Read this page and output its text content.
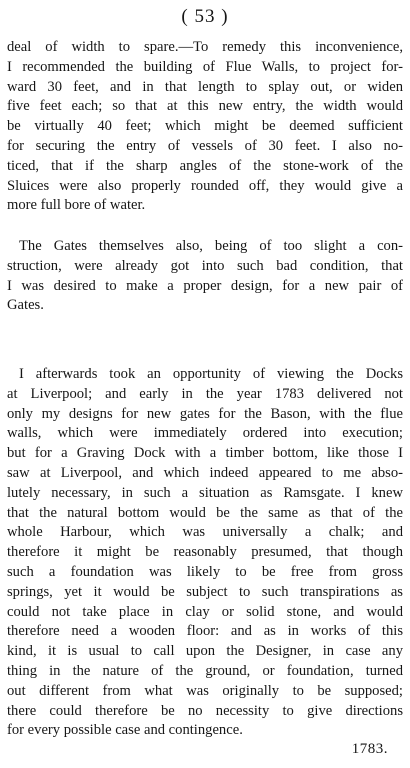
( 53 )
deal of width to spare.—To remedy this inconvenience,
I recommended the building of Flue Walls, to project for-
ward 30 feet, and in that length to splay out, or widen
five feet each; so that at this new entry, the width would
be virtually 40 feet; which might be deemed sufficient
for securing the entry of vessels of 30 feet. I also no-
ticed, that if the sharp angles of the stone-work of the
Sluices were also properly rounded off, they would give a
more full bore of water.
The Gates themselves also, being of too slight a con-
struction, were already got into such bad condition, that
I was desired to make a proper design, for a new pair of
Gates.
I afterwards took an opportunity of viewing the Docks
at Liverpool; and early in the year 1783 delivered not
only my designs for new gates for the Bason, with the flue
walls, which were immediately ordered into execution;
but for a Graving Dock with a timber bottom, like those I
saw at Liverpool, and which indeed appeared to me abso-
lutely necessary, in such a situation as Ramsgate. I knew
that the natural bottom would be the same as that of the
whole Harbour, which was universally a chalk; and
therefore it might be reasonably presumed, that though
such a foundation was likely to be free from gross
springs, yet it would be subject to such transpirations as
could not take place in clay or solid stone, and would
therefore need a wooden floor: and as in works of this
kind, it is usual to call upon the Designer, in case any
thing in the nature of the ground, or foundation, turned
out different from what was originally to be supposed;
there could therefore be no necessity to give directions
for every possible case and contingence.
1783.
